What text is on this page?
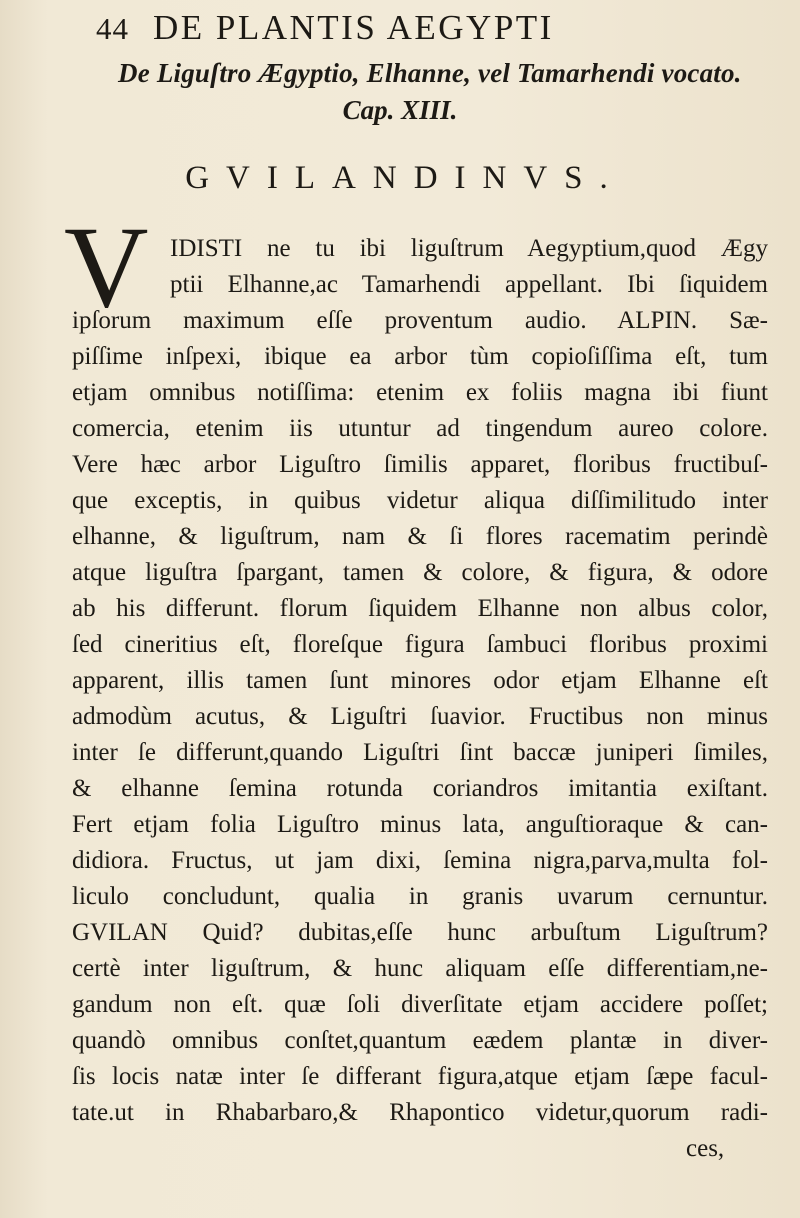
44 DE PLANTIS AEGYPTI
De Liguſtro Ægyptio, Elhanne, vel Tamarhendi vocato.
Cap. XIII.
GVILANDINVS.
V IDISTI ne tu ibi liguſtrum Aegyptium,quod Ægy
ptii Elhanne,ac Tamarhendi appellant. Ibi ſiquidem
ipſorum maximum eſſe proventum audio. ALPIN. Sæ-
piſſime inſpexi, ibique ea arbor tùm copioſiſſima eſt, tum
etjam omnibus notiſſima: etenim ex foliis magna ibi fiunt
comercia, etenim iis utuntur ad tingendum aureo colore.
Vere hæc arbor Liguſtro ſimilis apparet, floribus fructibuſ-
que exceptis, in quibus videtur aliqua diſſimilitudo inter
elhanne, & liguſtrum, nam & ſi flores racematim perindè
atque liguſtra ſpargant, tamen & colore, & figura, & odore
ab his differunt. florum ſiquidem Elhanne non albus color,
ſed cineritius eſt, floreſque figura ſambuci floribus proximi
apparent, illis tamen ſunt minores odor etjam Elhanne eſt
admodùm acutus, & Liguſtri ſuavior. Fructibus non minus
inter ſe differunt,quando Liguſtri ſint baccæ juniperi ſimiles,
& elhanne ſemina rotunda coriandros imitantia exiſtant.
Fert etjam folia Liguſtro minus lata, anguſtioraque & can-
didiora. Fructus, ut jam dixi, ſemina nigra,parva,multa fol-
liculo concludunt, qualia in granis uvarum cernuntur.
GVILAN Quid? dubitas,eſſe hunc arbuſtum Liguſtrum?
certè inter liguſtrum, & hunc aliquam eſſe differentiam,ne-
gandum non eſt. quæ ſoli diverſitate etjam accidere poſſet;
quandò omnibus conſtet,quantum eædem plantæ in diver-
ſis locis natæ inter ſe differant figura,atque etjam ſæpe facul-
tate.ut in Rhabarbaro,& Rhapontico videtur,quorum radi-
ces,
